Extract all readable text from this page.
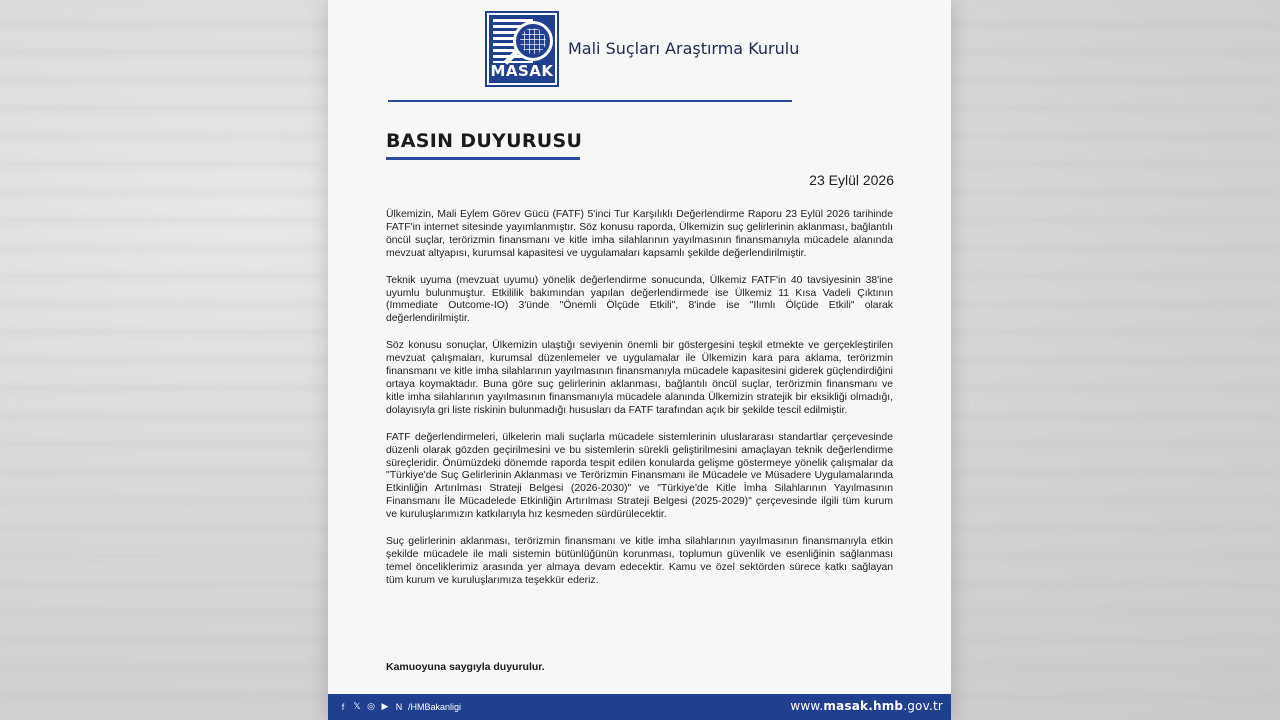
MASAK
Mali Suçları Araştırma Kurulu
BASIN DUYURUSU
23 Eylül 2026

Ülkemizin, Mali Eylem Görev Gücü (FATF) 5'inci Tur Karşılıklı Değerlendirme Raporu 23 Eylül 2026 tarihinde FATF'in internet sitesinde yayımlanmıştır. Söz konusu raporda, Ülkemizin suç gelirlerinin aklanması, bağlantılı öncül suçlar, terörizmin finansmanı ve kitle imha silahlarının yayılmasının finansmanıyla mücadele alanında mevzuat altyapısı, kurumsal kapasitesi ve uygulamaları kapsamlı şekilde değerlendirilmiştir.

Teknik uyuma (mevzuat uyumu) yönelik değerlendirme sonucunda, Ülkemiz FATF'in 40 tavsiyesinin 38'ine uyumlu bulunmuştur. Etkililik bakımından yapılan değerlendirmede ise Ülkemiz 11 Kısa Vadeli Çıktının (Immediate Outcome-IO) 3'ünde "Önemli Ölçüde Etkili", 8'inde ise "Ilımlı Ölçüde Etkili" olarak değerlendirilmiştir.

Söz konusu sonuçlar, Ülkemizin ulaştığı seviyenin önemli bir göstergesini teşkil etmekte ve gerçekleştirilen mevzuat çalışmaları, kurumsal düzenlemeler ve uygulamalar ile Ülkemizin kara para aklama, terörizmin finansmanı ve kitle imha silahlarının yayılmasının finansmanıyla mücadele kapasitesini giderek güçlendirdiğini ortaya koymaktadır. Buna göre suç gelirlerinin aklanması, bağlantılı öncül suçlar, terörizmin finansmanı ve kitle imha silahlarının yayılmasının finansmanıyla mücadele alanında Ülkemizin stratejik bir eksikliği olmadığı, dolayısıyla gri liste riskinin bulunmadığı hususları da FATF tarafından açık bir şekilde tescil edilmiştir.

FATF değerlendirmeleri, ülkelerin mali suçlarla mücadele sistemlerinin uluslararası standartlar çerçevesinde düzenli olarak gözden geçirilmesini ve bu sistemlerin sürekli geliştirilmesini amaçlayan teknik değerlendirme süreçleridir. Önümüzdeki dönemde raporda tespit edilen konularda gelişme göstermeye yönelik çalışmalar da "Türkiye'de Suç Gelirlerinin Aklanması ve Terörizmin Finansmanı ile Mücadele ve Müsadere Uygulamalarında Etkinliğin Artırılması Strateji Belgesi (2026-2030)" ve "Türkiye'de Kitle İmha Silahlarının Yayılmasının Finansmanı İle Mücadelede Etkinliğin Artırılması Strateji Belgesi (2025-2029)" çerçevesinde ilgili tüm kurum ve kuruluşlarımızın katkılarıyla hız kesmeden sürdürülecektir.

Suç gelirlerinin aklanması, terörizmin finansmanı ve kitle imha silahlarının yayılmasının finansmanıyla etkin şekilde mücadele ile mali sistemin bütünlüğünün korunması, toplumun güvenlik ve esenliğinin sağlanması temel önceliklerimiz arasında yer almaya devam edecektir. Kamu ve özel sektörden sürece katkı sağlayan tüm kurum ve kuruluşlarımıza teşekkür ederiz.

Kamuoyuna saygıyla duyurulur.
f	𝕏 ◎ ▶ N /HMBakanligi	www.masak.hmb.gov.tr
